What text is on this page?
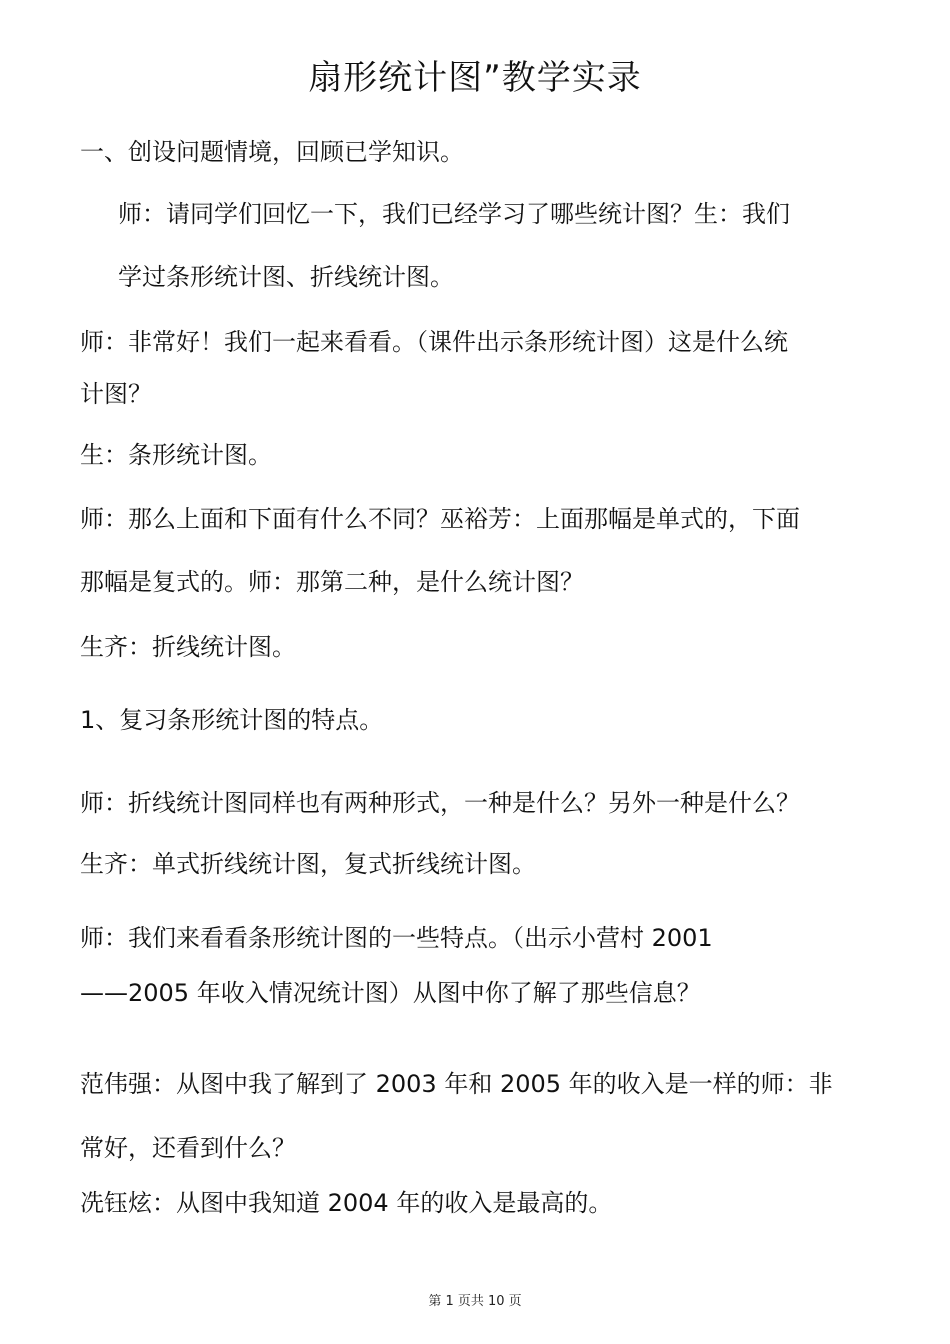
扇形统计图”教学实录

一、创设问题情境，回顾已学知识。

师：请同学们回忆一下，我们已经学习了哪些统计图？生：我们

学过条形统计图、折线统计图。

师：非常好！我们一起来看看。（课件出示条形统计图）这是什么统

计图？

生：条形统计图。

师：那么上面和下面有什么不同？巫裕芳：上面那幅是单式的，下面

那幅是复式的。师：那第二种，是什么统计图？

生齐：折线统计图。

1、复习条形统计图的特点。

师：折线统计图同样也有两种形式，一种是什么？另外一种是什么？

生齐：单式折线统计图，复式折线统计图。

师：我们来看看条形统计图的一些特点。（出示小营村 2001

——2005 年收入情况统计图）从图中你了解了那些信息？

范伟强：从图中我了解到了 2003 年和 2005 年的收入是一样的师：非

常好，还看到什么？

冼钰炫：从图中我知道 2004 年的收入是最高的。

第 1 页共 10 页
